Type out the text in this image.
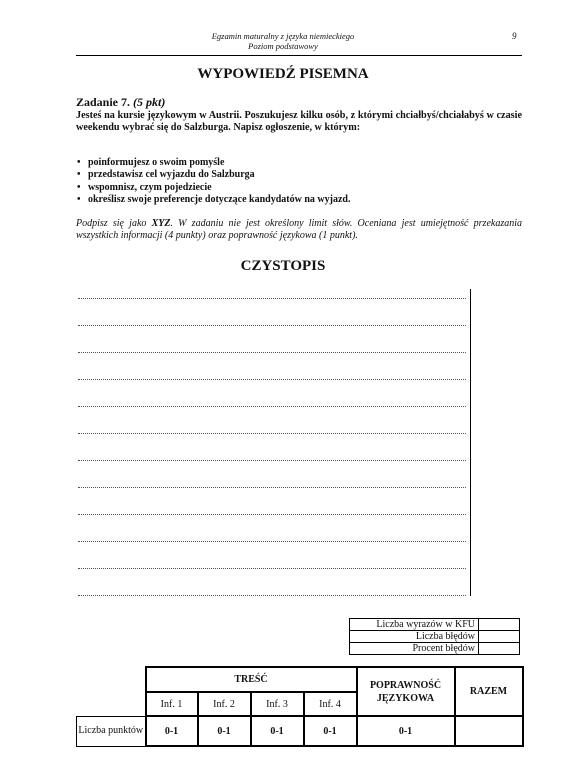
Egzamin maturalny z języka niemieckiego
Poziom podstawowy
9
WYPOWIEDŹ PISEMNA
Zadanie 7. (5 pkt)
Jesteś na kursie językowym w Austrii. Poszukujesz kilku osób, z którymi chciałbyś/chciałabyś w czasie weekendu wybrać się do Salzburga. Napisz ogłoszenie, w którym:
• poinformujesz o swoim pomyśle
• przedstawisz cel wyjazdu do Salzburga
• wspomnisz, czym pojedziecie
• określisz swoje preferencje dotyczące kandydatów na wyjazd.
Podpisz się jako XYZ. W zadaniu nie jest określony limit słów. Oceniana jest umiejętność przekazania wszystkich informacji (4 punkty) oraz poprawność językowa (1 punkt).
CZYSTOPIS
Liczba wyrazów w KFU	
Liczba błędów	
Procent błędów	
	TREŚĆ				POPRAWNOŚĆ JĘZYKOWA	RAZEM
	Inf. 1	Inf. 2	Inf. 3	Inf. 4		
Liczba punktów	0-1	0-1	0-1	0-1	0-1	
